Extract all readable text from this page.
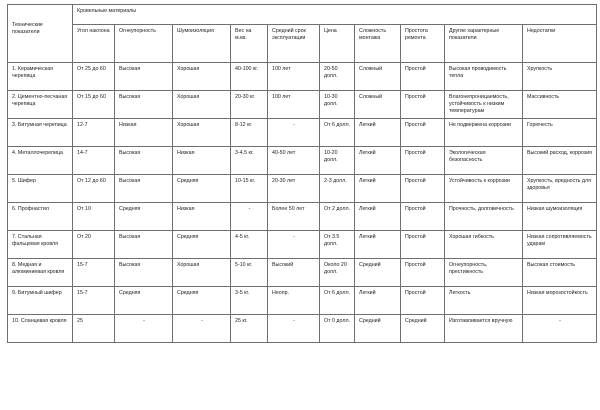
Технические показатели	Кровельные материалы									
	Угол наклона	Огнеупорность	Шумоизоляция	Вес на м.кв.	Средний срок эксплуатации	Цена	Сложность монтажа	Простота ремонта	Другие характерные показатели	Недостатки
1. Керамическая черепица	От 25 до 60	Высокая	Хорошая	40-100 кг.	100 лет	20-50 долл.	Сложный	Простой	Высокая проводимость тепла	Хрупкость
2. Цементно-песчаная черепица	От 15 до 60	Высокая	Хорошая	20-30 кг.	100 лет	10-30 долл.	Сложный	Простой	Влагонепроницаемость, устойчивость к низким температурам	Массивность
3. Битумная черепица	12-7	Низкая	Хорошая	8-12 кг.	-	От 6 долл.	Легкий	Простой	Не подвержена коррозии	Горючесть
4. Металлочерепица	14-7	Высокая	Низкая	3-4.5 кг.	40-50 лет	10-20 долл.	Легкий	Простой	Экологическая безопасность	Высокий расход, коррозия
5. Шифер	От 12 до 60	Высокая	Средняя	10-15 кг.	20-30 лет	2-3 долл.	Легкий	Простой	Устойчивость к коррозии	Хрупкость, вредность для здоровья
6. Профнастил	От 10	Средняя	Низкая	-	Более 50 лет	От 2 долл.	Легкий	Простой	Прочность, долговечность	Низкая шумоизоляция
7. Стальная фальцевая кровля	От 20	Высокая	Средняя	4-5 кг.	-	От 3.5 долл.	Легкий	Простой	Хорошая гибкость	Низкая сопротивляемость ударам
8. Медная и алюминиевая кровля	15-7	Высокая	Хорошая	5-10 кг.	Высокий	Около 20 долл.	Средний	Простой	Огнеупорность, престижность	Высокая стоимость
9. Битумный шифер	15-7	Средняя	Средняя	3-5 кг.	Неопр.	От 6 долл.	Легкий	Простой	Легкость	Низкая морозостойкость
10. Сланцевая кровля	25	-	-	25 кг.	-	От 0 долл.	Средний	Средний	Изготавливается вручную	-
